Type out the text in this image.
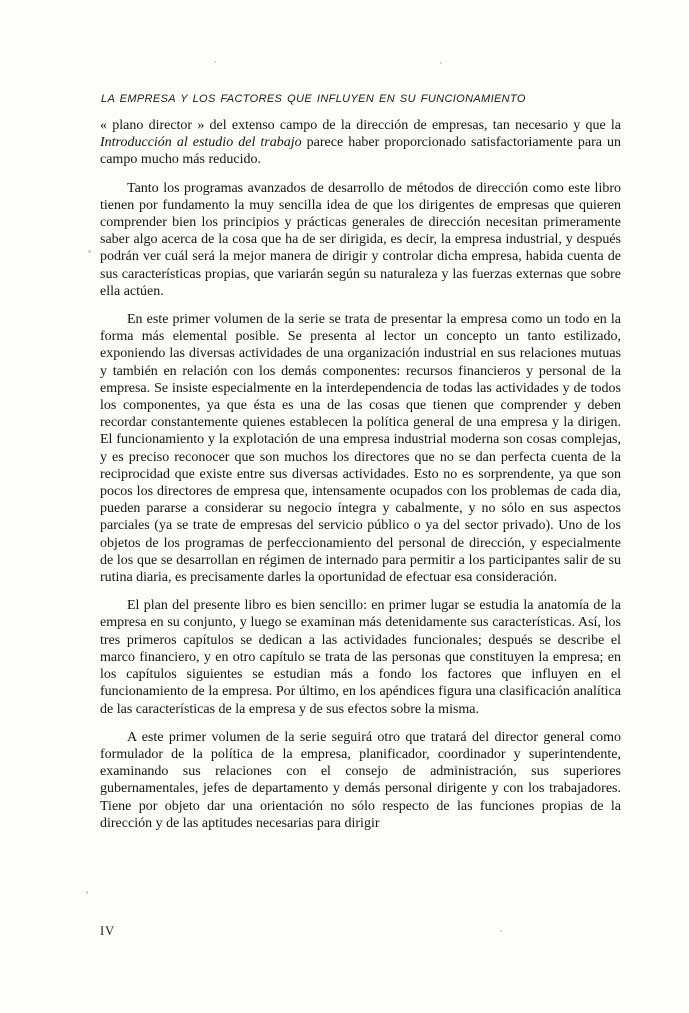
LA EMPRESA Y LOS FACTORES QUE INFLUYEN EN SU FUNCIONAMIENTO

« plano director » del extenso campo de la dirección de empresas, tan necesario y que la Introducción al estudio del trabajo parece haber proporcionado satisfactoriamente para un campo mucho más reducido.

Tanto los programas avanzados de desarrollo de métodos de dirección como este libro tienen por fundamento la muy sencilla idea de que los dirigentes de empresas que quieren comprender bien los principios y prácticas generales de dirección necesitan primeramente saber algo acerca de la cosa que ha de ser dirigida, es decir, la empresa industrial, y después podrán ver cuál será la mejor manera de dirigir y controlar dicha empresa, habida cuenta de sus características propias, que variarán según su naturaleza y las fuerzas externas que sobre ella actúen.

En este primer volumen de la serie se trata de presentar la empresa como un todo en la forma más elemental posible. Se presenta al lector un concepto un tanto estilizado, exponiendo las diversas actividades de una organización industrial en sus relaciones mutuas y también en relación con los demás componentes: recursos financieros y personal de la empresa. Se insiste especialmente en la interdependencia de todas las actividades y de todos los componentes, ya que ésta es una de las cosas que tienen que comprender y deben recordar constantemente quienes establecen la política general de una empresa y la dirigen. El funcionamiento y la explotación de una empresa industrial moderna son cosas complejas, y es preciso reconocer que son muchos los directores que no se dan perfecta cuenta de la reciprocidad que existe entre sus diversas actividades. Esto no es sorprendente, ya que son pocos los directores de empresa que, intensamente ocupados con los problemas de cada dia, pueden pararse a considerar su negocio íntegra y cabalmente, y no sólo en sus aspectos parciales (ya se trate de empresas del servicio público o ya del sector privado). Uno de los objetos de los programas de perfeccionamiento del personal de dirección, y especialmente de los que se desarrollan en régimen de internado para permitir a los participantes salir de su rutina diaria, es precisamente darles la oportunidad de efectuar esa consideración.

El plan del presente libro es bien sencillo: en primer lugar se estudia la anatomía de la empresa en su conjunto, y luego se examinan más detenidamente sus características. Así, los tres primeros capítulos se dedican a las actividades funcionales; después se describe el marco financiero, y en otro capítulo se trata de las personas que constituyen la empresa; en los capítulos siguientes se estudian más a fondo los factores que influyen en el funcionamiento de la empresa. Por último, en los apéndices figura una clasificación analítica de las características de la empresa y de sus efectos sobre la misma.

A este primer volumen de la serie seguirá otro que tratará del director general como formulador de la política de la empresa, planificador, coordinador y superintendente, examinando sus relaciones con el consejo de administración, sus superiores gubernamentales, jefes de departamento y demás personal dirigente y con los trabajadores. Tiene por objeto dar una orientación no sólo respecto de las funciones propias de la dirección y de las aptitudes necesarias para dirigir

IV
